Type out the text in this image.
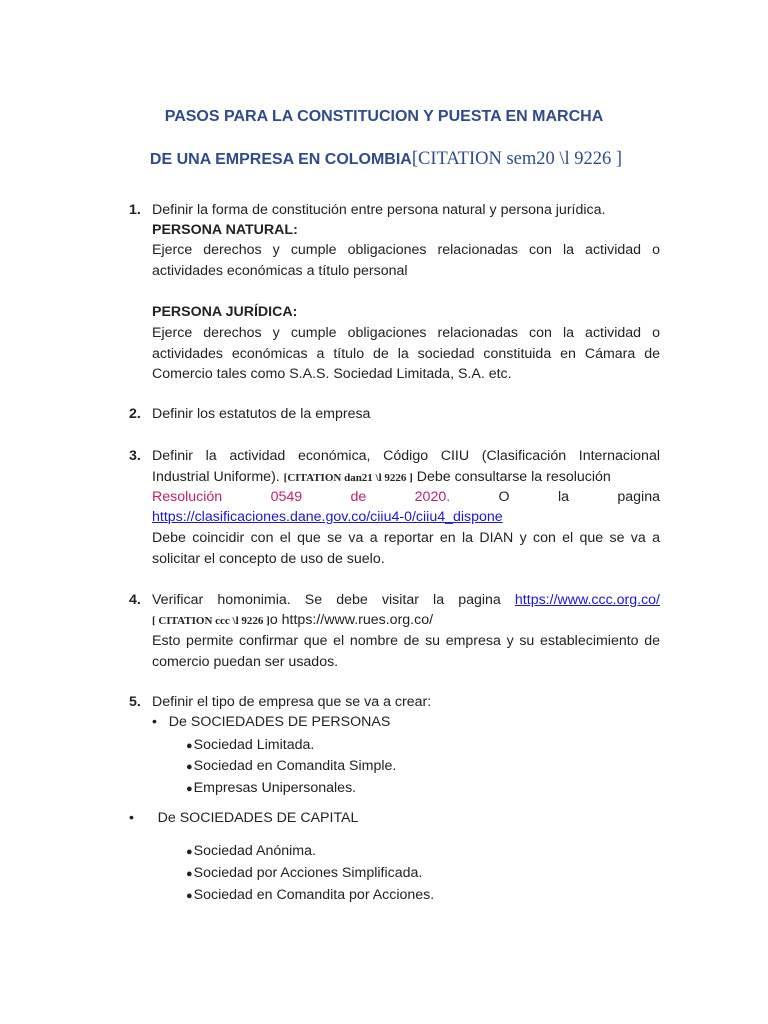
PASOS PARA LA CONSTITUCION Y PUESTA EN MARCHA
DE UNA EMPRESA EN COLOMBIA[CITATION sem20 \l 9226 ]
1. Definir la forma de constitución entre persona natural y persona jurídica.
PERSONA NATURAL:
Ejerce derechos y cumple obligaciones relacionadas con la actividad o actividades económicas a título personal
PERSONA JURÍDICA:
Ejerce derechos y cumple obligaciones relacionadas con la actividad o actividades económicas a título de la sociedad constituida en Cámara de Comercio tales como S.A.S. Sociedad Limitada, S.A. etc.
2. Definir los estatutos de la empresa
3. Definir la actividad económica, Código CIIU (Clasificación Internacional Industrial Uniforme). [CITATION dan21 \l 9226 ] Debe consultarse la resolución
Resolución 0549 de 2020. O la pagina
https://clasificaciones.dane.gov.co/ciiu4-0/ciiu4_dispone
Debe coincidir con el que se va a reportar en la DIAN y con el que se va a solicitar el concepto de uso de suelo.
4. Verificar homonimia. Se debe visitar la pagina https://www.ccc.org.co/
[ CITATION ccc \l 9226 ]o https://www.rues.org.co/
Esto permite confirmar que el nombre de su empresa y su establecimiento de comercio puedan ser usados.
5. Definir el tipo de empresa que se va a crear:
• De SOCIEDADES DE PERSONAS
●Sociedad Limitada.
●Sociedad en Comandita Simple.
●Empresas Unipersonales.
• De SOCIEDADES DE CAPITAL
●Sociedad Anónima.
●Sociedad por Acciones Simplificada.
●Sociedad en Comandita por Acciones.
